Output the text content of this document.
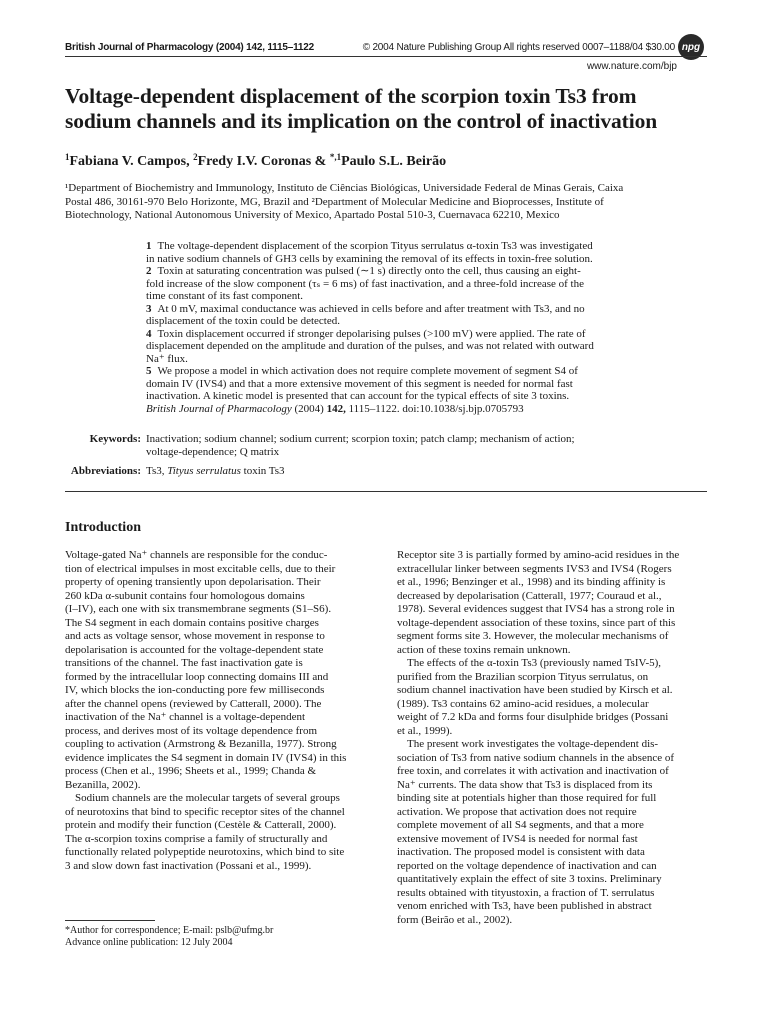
British Journal of Pharmacology (2004) 142, 1115–1122	© 2004 Nature Publishing Group All rights reserved 0007–1188/04 $30.00 npg
www.nature.com/bjp
Voltage-dependent displacement of the scorpion toxin Ts3 from
sodium channels and its implication on the control of inactivation
$^1$Fabiana V. Campos, $^2$Fredy I.V. Coronas & $^{*,1}$Paulo S.L. Beirão
¹Department of Biochemistry and Immunology, Instituto de Ciências Biológicas, Universidade Federal de Minas Gerais, Caixa
Postal 486, 30161-970 Belo Horizonte, MG, Brazil and ²Department of Molecular Medicine and Bioprocesses, Institute of
Biotechnology, National Autonomous University of Mexico, Apartado Postal 510-3, Cuernavaca 62210, Mexico
1 The voltage-dependent displacement of the scorpion Tityus serrulatus α-toxin Ts3 was investigated
in native sodium channels of GH3 cells by examining the removal of its effects in toxin-free solution.
2 Toxin at saturating concentration was pulsed (∼1 s) directly onto the cell, thus causing an eight-
fold increase of the slow component (τₛ = 6 ms) of fast inactivation, and a three-fold increase of the
time constant of its fast component.
3 At 0 mV, maximal conductance was achieved in cells before and after treatment with Ts3, and no
displacement of the toxin could be detected.
4 Toxin displacement occurred if stronger depolarising pulses (>100 mV) were applied. The rate of
displacement depended on the amplitude and duration of the pulses, and was not related with outward
Na⁺ flux.
5 We propose a model in which activation does not require complete movement of segment S4 of
domain IV (IVS4) and that a more extensive movement of this segment is needed for normal fast
inactivation. A kinetic model is presented that can account for the typical effects of site 3 toxins.
British Journal of Pharmacology (2004) 142, 1115–1122. doi:10.1038/sj.bjp.0705793
Keywords: Inactivation; sodium channel; sodium current; scorpion toxin; patch clamp; mechanism of action;
voltage-dependence; Q matrix
Abbreviations: Ts3, Tityus serrulatus toxin Ts3
Introduction
Voltage-gated Na⁺ channels are responsible for the conduc-
tion of electrical impulses in most excitable cells, due to their
property of opening transiently upon depolarisation. Their
260 kDa α-subunit contains four homologous domains
(I–IV), each one with six transmembrane segments (S1–S6).
The S4 segment in each domain contains positive charges
and acts as voltage sensor, whose movement in response to
depolarisation is accounted for the voltage-dependent state
transitions of the channel. The fast inactivation gate is
formed by the intracellular loop connecting domains III and
IV, which blocks the ion-conducting pore few milliseconds
after the channel opens (reviewed by Catterall, 2000). The
inactivation of the Na⁺ channel is a voltage-dependent
process, and derives most of its voltage dependence from
coupling to activation (Armstrong & Bezanilla, 1977). Strong
evidence implicates the S4 segment in domain IV (IVS4) in this
process (Chen et al., 1996; Sheets et al., 1999; Chanda &
Bezanilla, 2002).
Sodium channels are the molecular targets of several groups
of neurotoxins that bind to specific receptor sites of the channel
protein and modify their function (Cestèle & Catterall, 2000).
The α-scorpion toxins comprise a family of structurally and
functionally related polypeptide neurotoxins, which bind to site
3 and slow down fast inactivation (Possani et al., 1999).
Receptor site 3 is partially formed by amino-acid residues in the
extracellular linker between segments IVS3 and IVS4 (Rogers
et al., 1996; Benzinger et al., 1998) and its binding affinity is
decreased by depolarisation (Catterall, 1977; Couraud et al.,
1978). Several evidences suggest that IVS4 has a strong role in
voltage-dependent association of these toxins, since part of this
segment forms site 3. However, the molecular mechanisms of
action of these toxins remain unknown.
The effects of the α-toxin Ts3 (previously named TsIV-5),
purified from the Brazilian scorpion Tityus serrulatus, on
sodium channel inactivation have been studied by Kirsch et al.
(1989). Ts3 contains 62 amino-acid residues, a molecular
weight of 7.2 kDa and forms four disulphide bridges (Possani
et al., 1999).
The present work investigates the voltage-dependent dis-
sociation of Ts3 from native sodium channels in the absence of
free toxin, and correlates it with activation and inactivation of
Na⁺ currents. The data show that Ts3 is displaced from its
binding site at potentials higher than those required for full
activation. We propose that activation does not require
complete movement of all S4 segments, and that a more
extensive movement of IVS4 is needed for normal fast
inactivation. The proposed model is consistent with data
reported on the voltage dependence of inactivation and can
quantitatively explain the effect of site 3 toxins. Preliminary
results obtained with tityustoxin, a fraction of T. serrulatus
venom enriched with Ts3, have been published in abstract
form (Beirão et al., 2002).
*Author for correspondence; E-mail: pslb@ufmg.br
Advance online publication: 12 July 2004
